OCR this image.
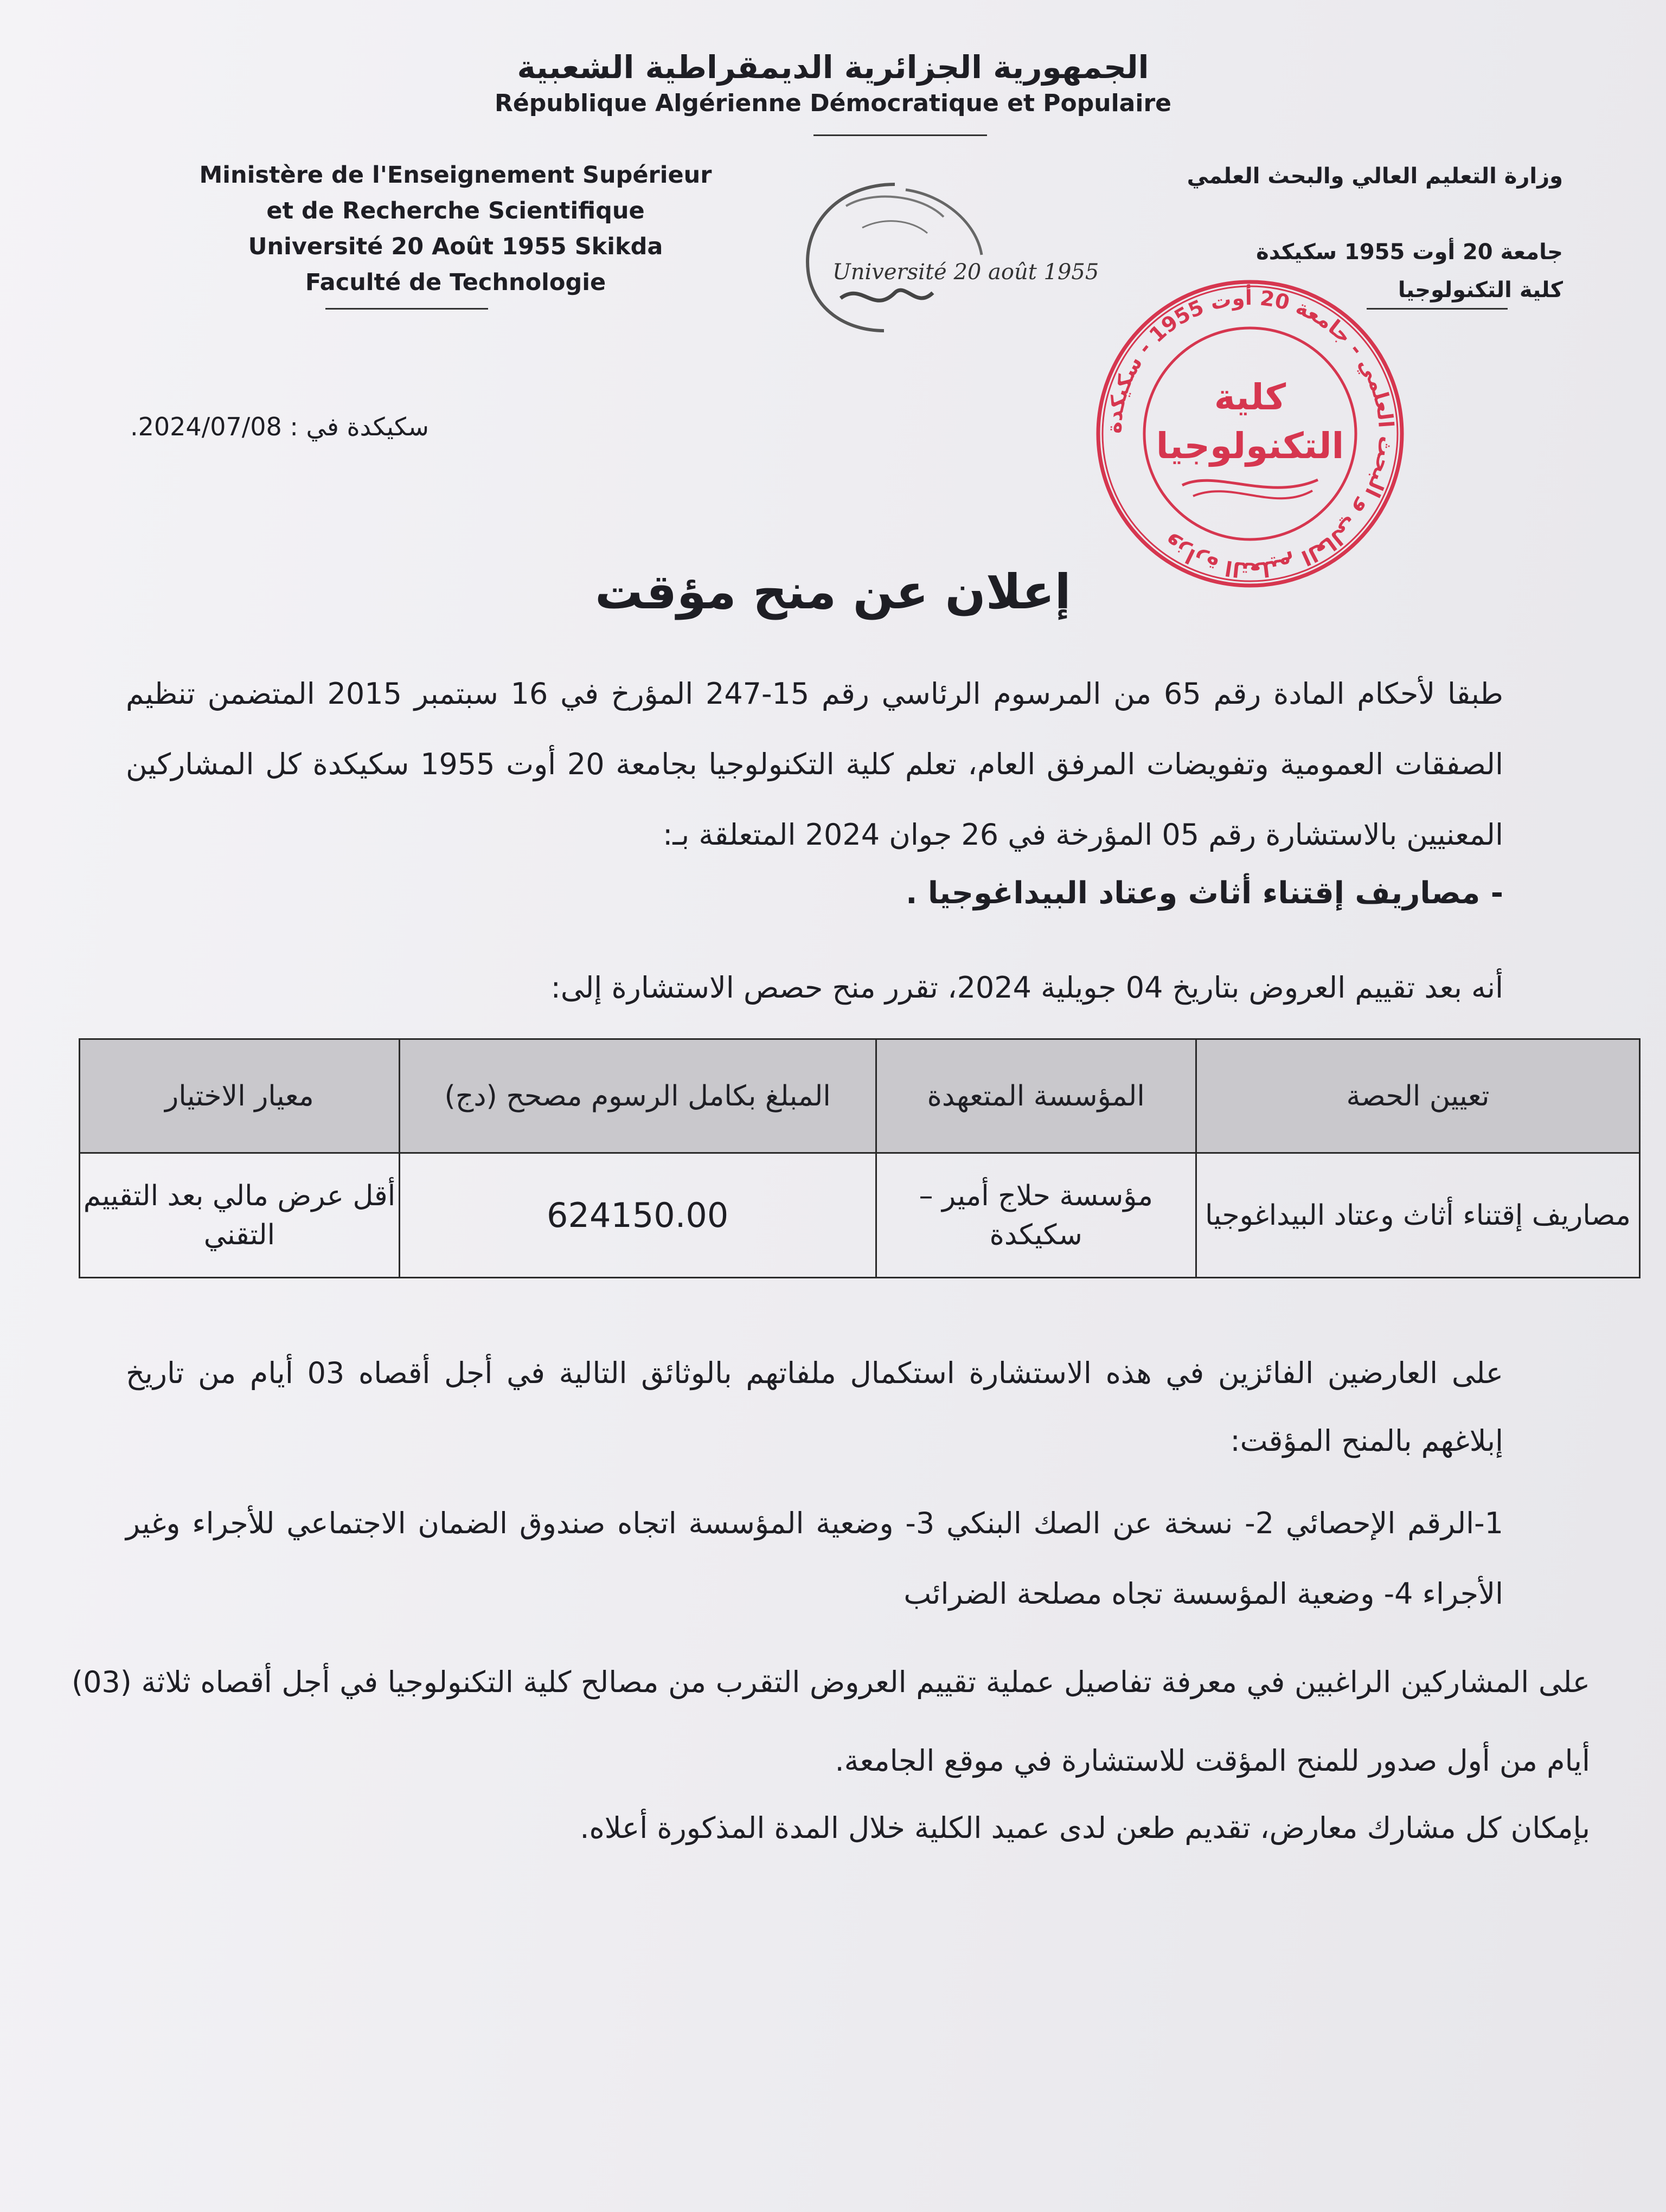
الجمهورية الجزائرية الديمقراطية الشعبية
République Algérienne Démocratique et Populaire
Ministère de l'Enseignement Supérieur
et de Recherche Scientifique
Université 20 Août 1955 Skikda
Faculté de Technologie
وزارة التعليم العالي والبحث العلمي
جامعة 20 أوت 1955 سكيكدة
كلية التكنولوجيا
Université 20 août 1955
وزارة التعليم العالي و البحث العلمي - جامعة 20 أوت 1955 - سكيكدة
كلية
التكنولوجيا
سكيكدة في : 2024/07/08.
إعلان عن منح مؤقت
طبقا لأحكام المادة رقم 65 من المرسوم الرئاسي رقم 15-247 المؤرخ في 16 سبتمبر 2015 المتضمن تنظيم الصفقات العمومية وتفويضات المرفق العام، تعلم كلية التكنولوجيا بجامعة 20 أوت 1955 سكيكدة كل المشاركين المعنيين بالاستشارة رقم 05 المؤرخة في 26 جوان 2024 المتعلقة بـ:
- مصاريف إقتناء أثاث وعتاد البيداغوجيا .
أنه بعد تقييم العروض بتاريخ 04 جويلية 2024، تقرر منح حصص الاستشارة إلى:
تعيين الحصة	المؤسسة المتعهدة	المبلغ بكامل الرسوم مصحح (دج)	معيار الاختيار
مصاريف إقتناء أثاث وعتاد البيداغوجيا	مؤسسة حلاج أمير – سكيكدة	624150.00	أقل عرض مالي بعد التقييم التقني
على العارضين الفائزين في هذه الاستشارة استكمال ملفاتهم بالوثائق التالية في أجل أقصاه 03 أيام من تاريخ إبلاغهم بالمنح المؤقت:
1-الرقم الإحصائي 2- نسخة عن الصك البنكي 3- وضعية المؤسسة اتجاه صندوق الضمان الاجتماعي للأجراء وغير الأجراء 4- وضعية المؤسسة تجاه مصلحة الضرائب
على المشاركين الراغبين في معرفة تفاصيل عملية تقييم العروض التقرب من مصالح كلية التكنولوجيا في أجل أقصاه ثلاثة (03) أيام من أول صدور للمنح المؤقت للاستشارة في موقع الجامعة.
بإمكان كل مشارك معارض، تقديم طعن لدى عميد الكلية خلال المدة المذكورة أعلاه.
